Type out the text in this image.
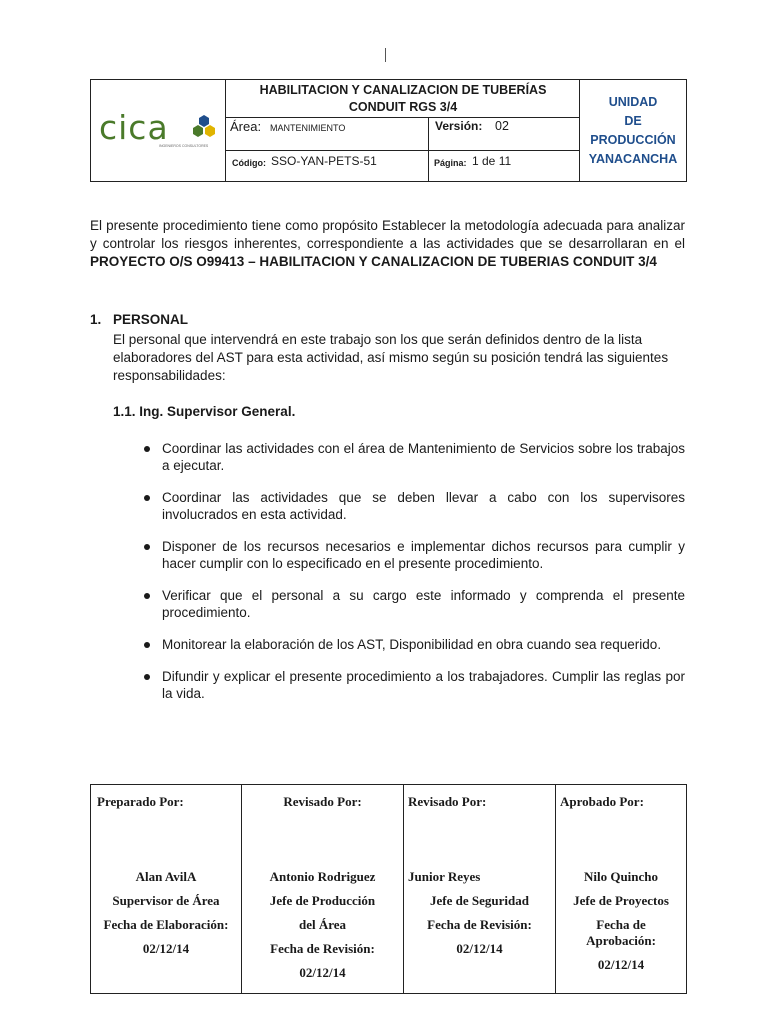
cica
INGENIEROS CONSULTORES
HABILITACION Y CANALIZACION DE TUBERÍAS
CONDUIT RGS 3/4
Área: MANTENIMIENTO	Versión: 02
Código: SSO-YAN-PETS-51	Página: 1 de 11
UNIDAD
DE
PRODUCCIÓN
YANACANCHA
El presente procedimiento tiene como propósito Establecer la metodología adecuada para analizar y controlar los riesgos inherentes, correspondiente a las actividades que se desarrollaran en el PROYECTO O/S O99413 – HABILITACION Y CANALIZACION DE TUBERIAS CONDUIT 3/4
1. PERSONAL
El personal que intervendrá en este trabajo son los que serán definidos dentro de la lista elaboradores del AST para esta actividad, así mismo según su posición tendrá las siguientes responsabilidades:
1.1. Ing. Supervisor General.
Coordinar las actividades con el área de Mantenimiento de Servicios sobre los trabajos a ejecutar.
Coordinar las actividades que se deben llevar a cabo con los supervisores involucrados en esta actividad.
Disponer de los recursos necesarios e implementar dichos recursos para cumplir y hacer cumplir con lo especificado en el presente procedimiento.
Verificar que el personal a su cargo este informado y comprenda el presente procedimiento.
Monitorear la elaboración de los AST, Disponibilidad en obra cuando sea requerido.
Difundir y explicar el presente procedimiento a los trabajadores. Cumplir las reglas por la vida.
Preparado Por:
Alan AvilA
Supervisor de Área
Fecha de Elaboración:
02/12/14
Revisado Por:
Antonio Rodriguez
Jefe de Producción
del Área
Fecha de Revisión:
02/12/14
Revisado Por:
Junior Reyes
Jefe de Seguridad
Fecha de Revisión:
02/12/14
Aprobado Por:
Nilo Quincho
Jefe de Proyectos
Fecha de
Aprobación:
02/12/14
